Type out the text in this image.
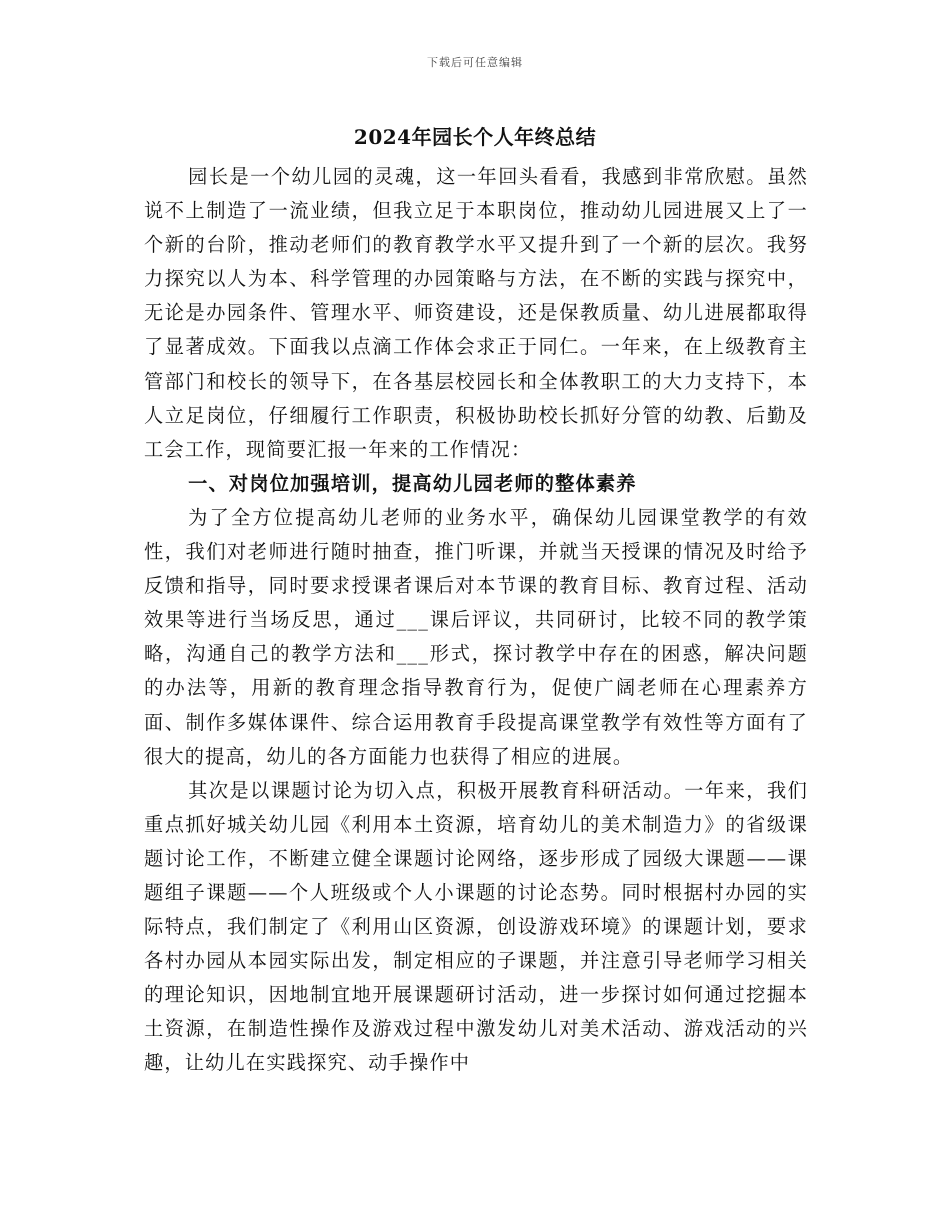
下载后可任意编辑
2024年园长个人年终总结

园长是一个幼儿园的灵魂，这一年回头看看，我感到非常欣慰。虽然说不上制造了一流业绩，但我立足于本职岗位，推动幼儿园进展又上了一个新的台阶，推动老师们的教育教学水平又提升到了一个新的层次。我努力探究以人为本、科学管理的办园策略与方法，在不断的实践与探究中，无论是办园条件、管理水平、师资建设，还是保教质量、幼儿进展都取得了显著成效。下面我以点滴工作体会求正于同仁。一年来，在上级教育主管部门和校长的领导下，在各基层校园长和全体教职工的大力支持下，本人立足岗位，仔细履行工作职责，积极协助校长抓好分管的幼教、后勤及工会工作，现简要汇报一年来的工作情况：

一、对岗位加强培训，提高幼儿园老师的整体素养

为了全方位提高幼儿老师的业务水平，确保幼儿园课堂教学的有效性，我们对老师进行随时抽查，推门听课，并就当天授课的情况及时给予反馈和指导，同时要求授课者课后对本节课的教育目标、教育过程、活动效果等进行当场反思，通过___课后评议，共同研讨，比较不同的教学策略，沟通自己的教学方法和___形式，探讨教学中存在的困惑，解决问题的办法等，用新的教育理念指导教育行为，促使广阔老师在心理素养方面、制作多媒体课件、综合运用教育手段提高课堂教学有效性等方面有了很大的提高，幼儿的各方面能力也获得了相应的进展。

其次是以课题讨论为切入点，积极开展教育科研活动。一年来，我们重点抓好城关幼儿园《利用本土资源，培育幼儿的美术制造力》的省级课题讨论工作，不断建立健全课题讨论网络，逐步形成了园级大课题——课题组子课题——个人班级或个人小课题的讨论态势。同时根据村办园的实际特点，我们制定了《利用山区资源，创设游戏环境》的课题计划，要求各村办园从本园实际出发，制定相应的子课题，并注意引导老师学习相关的理论知识，因地制宜地开展课题研讨活动，进一步探讨如何通过挖掘本土资源，在制造性操作及游戏过程中激发幼儿对美术活动、游戏活动的兴趣，让幼儿在实践探究、动手操作中
